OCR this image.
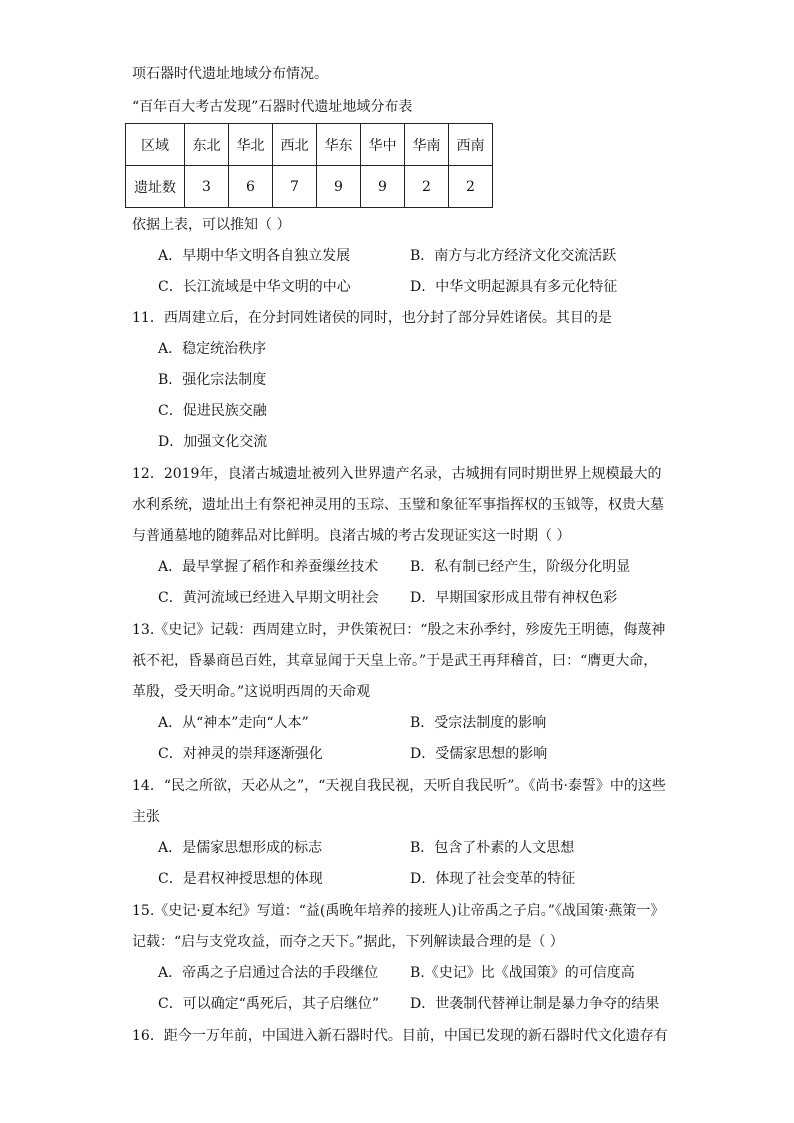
项石器时代遗址地域分布情况。
“百年百大考古发现”石器时代遗址地域分布表
区域	东北	华北	西北	华东	华中	华南	西南
遗址数	3	6	7	9	9	2	2
依据上表，可以推知（ ）
A．早期中华文明各自独立发展	B．南方与北方经济文化交流活跃
C．长江流域是中华文明的中心	D．中华文明起源具有多元化特征
11．西周建立后，在分封同姓诸侯的同时，也分封了部分异姓诸侯。其目的是
A．稳定统治秩序
B．强化宗法制度
C．促进民族交融
D．加强文化交流
12．2019年，良渚古城遗址被列入世界遗产名录，古城拥有同时期世界上规模最大的
水利系统，遗址出土有祭祀神灵用的玉琮、玉璧和象征军事指挥权的玉钺等，权贵大墓
与普通墓地的随葬品对比鲜明。良渚古城的考古发现证实这一时期（ ）
A．最早掌握了稻作和养蚕缫丝技术 B．私有制已经产生，阶级分化明显
C．黄河流域已经进入早期文明社会 D．早期国家形成且带有神权色彩
13.《史记》记载：西周建立时，尹佚策祝曰：“殷之末孙季纣，殄废先王明德，侮蔑神
祇不祀，昏暴商邑百姓，其章显闻于天皇上帝。”于是武王再拜稽首，曰：“膺更大命，
革殷，受天明命。”这说明西周的天命观
A．从“神本”走向“人本”	B．受宗法制度的影响
C．对神灵的崇拜逐渐强化	D．受儒家思想的影响
14．“民之所欲，天必从之”，“天视自我民视，天听自我民听”。《尚书·泰誓》中的这些
主张
A．是儒家思想形成的标志	B．包含了朴素的人文思想
C．是君权神授思想的体现	D．体现了社会变革的特征
15.《史记·夏本纪》写道：“益(禹晚年培养的接班人)让帝禹之子启。”《战国策·燕策一》
记载：“启与支党攻益，而夺之天下。”据此，下列解读最合理的是（ ）
A．帝禹之子启通过合法的手段继位 B.《史记》比《战国策》的可信度高
C．可以确定“禹死后，其子启继位” D．世袭制代替禅让制是暴力争夺的结果
16．距今一万年前，中国进入新石器时代。目前，中国已发现的新石器时代文化遗存有
